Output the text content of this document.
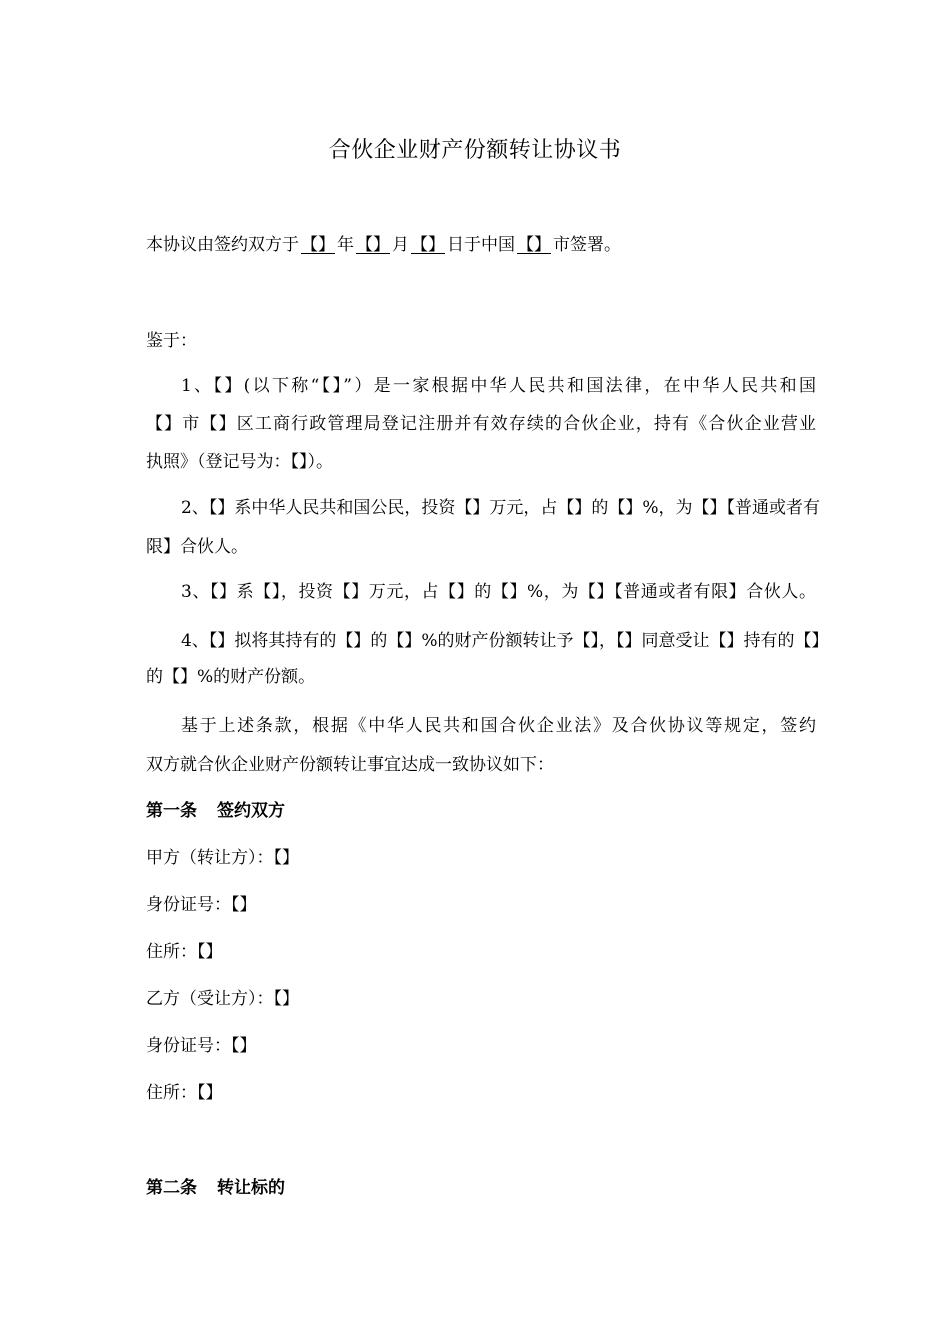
合伙企业财产份额转让协议书
本协议由签约双方于 【】 年 【】 月 【】 日于中国 【】 市签署。
鉴于：
1、【】(以下称“【】”）是一家根据中华人民共和国法律，在中华人民共和国
【】市【】区工商行政管理局登记注册并有效存续的合伙企业，持有《合伙企业营业
执照》（登记号为：【】）。
2、【】系中华人民共和国公民，投资【】万元，占【】的【】%，为【】【普通或者有
限】合伙人。
3、【】系【】，投资【】万元，占【】的【】%，为【】【普通或者有限】合伙人。
4、【】拟将其持有的【】的【】%的财产份额转让予【】，【】同意受让【】持有的【】
的【】%的财产份额。
基于上述条款，根据《中华人民共和国合伙企业法》及合伙协议等规定，签约
双方就合伙企业财产份额转让事宜达成一致协议如下：
第一条 签约双方
甲方（转让方）：【】
身份证号：【】
住所：【】
乙方（受让方）：【】
身份证号：【】
住所：【】
第二条 转让标的
